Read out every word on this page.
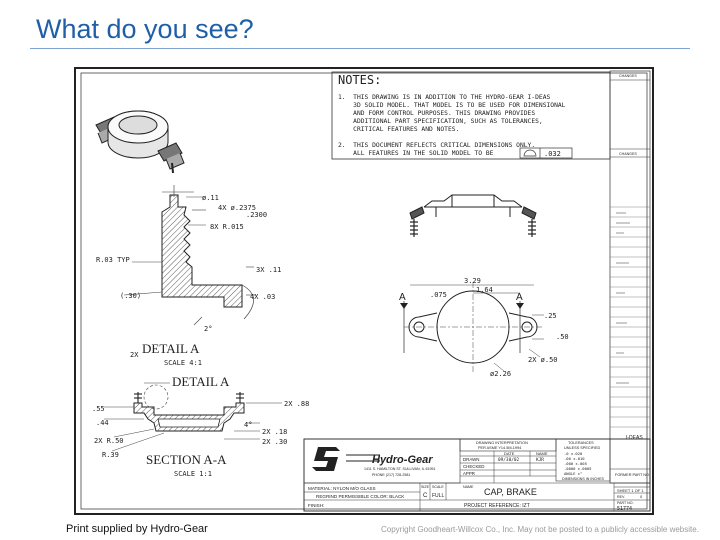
What do you see?
NOTES:
1.  THIS DRAWING IS IN ADDITION TO THE HYDRO-GEAR I-DEAS
3D SOLID MODEL. THAT MODEL IS TO BE USED FOR DIMENSIONAL
AND FORM CONTROL PURPOSES. THIS DRAWING PROVIDES
ADDITIONAL PART SPECIFICATION, SUCH AS TOLERANCES,
CRITICAL FEATURES AND NOTES.
2.  THIS DOCUMENT REFLECTS CRITICAL DIMENSIONS ONLY.
ALL FEATURES IN THE SOLID MODEL TO BE	.032
CHANGES
CHANGES
I-DEAS
ø.11
4X ø.2375
.2300
8X R.015
R.03 TYP
3X .11
(.30)	4X .03
2°
2X DETAIL A
SCALE 4:1
A	A
3.29
1.64
.075
.25
.50
2X ø.50
ø2.26
DETAIL A
.55
.44
2X R.50
R.39
2X .88
4°
2X .18
2X .30
SECTION A-A
SCALE 1:1
Hydro-Gear
1411 S. HAMILTON ST. SULLIVAN, IL 61951
PHONE (217) 728-2581
DRAWING INTERPRETATION
PER ASME Y14.5M-1994
TOLERANCES
UNLESS SPECIFIED
.0 ±.020
.00 ±.010
.000 ±.005
.0000 ±.0005
ANGLE ±°
DATE	NAME
DRAWN	09/30/02	KJR
CHECKED
APPR
DIMENSIONS IN INCHES
MATERIAL: NYLON M/O GLASS
REGRIND PERMISSIBLE COLOR: BLACK
FINISH:
SIZE
C
SCALE
FULL
NAME CAP, BRAKE
PROJECT REFERENCE: IZT
FORMER PART NO.
SHEET 1 OF 1
REV.	0
PART NO.
51774
Print supplied by Hydro-Gear	Copyright Goodheart-Willcox Co., Inc. May not be posted to a publicly accessible website.
